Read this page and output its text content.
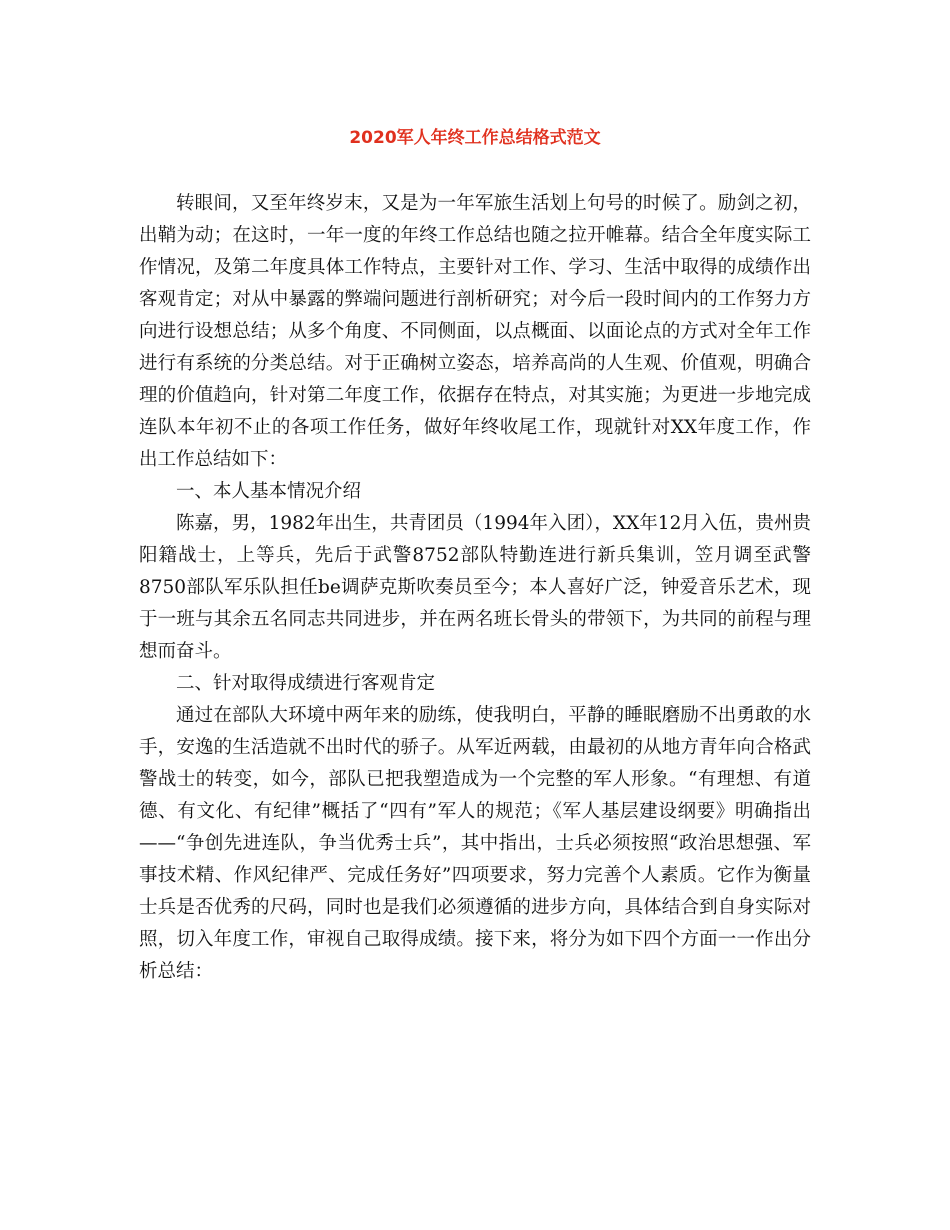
2020军人年终工作总结格式范文

转眼间，又至年终岁末，又是为一年军旅生活划上句号的时候了。励剑之初，出鞘为动；在这时，一年一度的年终工作总结也随之拉开帷幕。结合全年度实际工作情况，及第二年度具体工作特点，主要针对工作、学习、生活中取得的成绩作出客观肯定；对从中暴露的弊端问题进行剖析研究；对今后一段时间内的工作努力方向进行设想总结；从多个角度、不同侧面，以点概面、以面论点的方式对全年工作进行有系统的分类总结。对于正确树立姿态，培养高尚的人生观、价值观，明确合理的价值趋向，针对第二年度工作，依据存在特点，对其实施；为更进一步地完成连队本年初不止的各项工作任务，做好年终收尾工作，现就针对XX年度工作，作出工作总结如下：

一、本人基本情况介绍

陈嘉，男，1982年出生，共青团员（1994年入团），XX年12月入伍，贵州贵阳籍战士，上等兵，先后于武警8752部队特勤连进行新兵集训，笠月调至武警8750部队军乐队担任be调萨克斯吹奏员至今；本人喜好广泛，钟爱音乐艺术，现于一班与其余五名同志共同进步，并在两名班长骨头的带领下，为共同的前程与理想而奋斗。

二、针对取得成绩进行客观肯定

通过在部队大环境中两年来的励练，使我明白，平静的睡眠磨励不出勇敢的水手，安逸的生活造就不出时代的骄子。从军近两载，由最初的从地方青年向合格武警战士的转变，如今，部队已把我塑造成为一个完整的军人形象。“有理想、有道德、有文化、有纪律”概括了“四有”军人的规范；《军人基层建设纲要》明确指出——“争创先进连队，争当优秀士兵”，其中指出，士兵必须按照“政治思想强、军事技术精、作风纪律严、完成任务好”四项要求，努力完善个人素质。它作为衡量士兵是否优秀的尺码，同时也是我们必须遵循的进步方向，具体结合到自身实际对照，切入年度工作，审视自己取得成绩。接下来，将分为如下四个方面一一作出分析总结：
